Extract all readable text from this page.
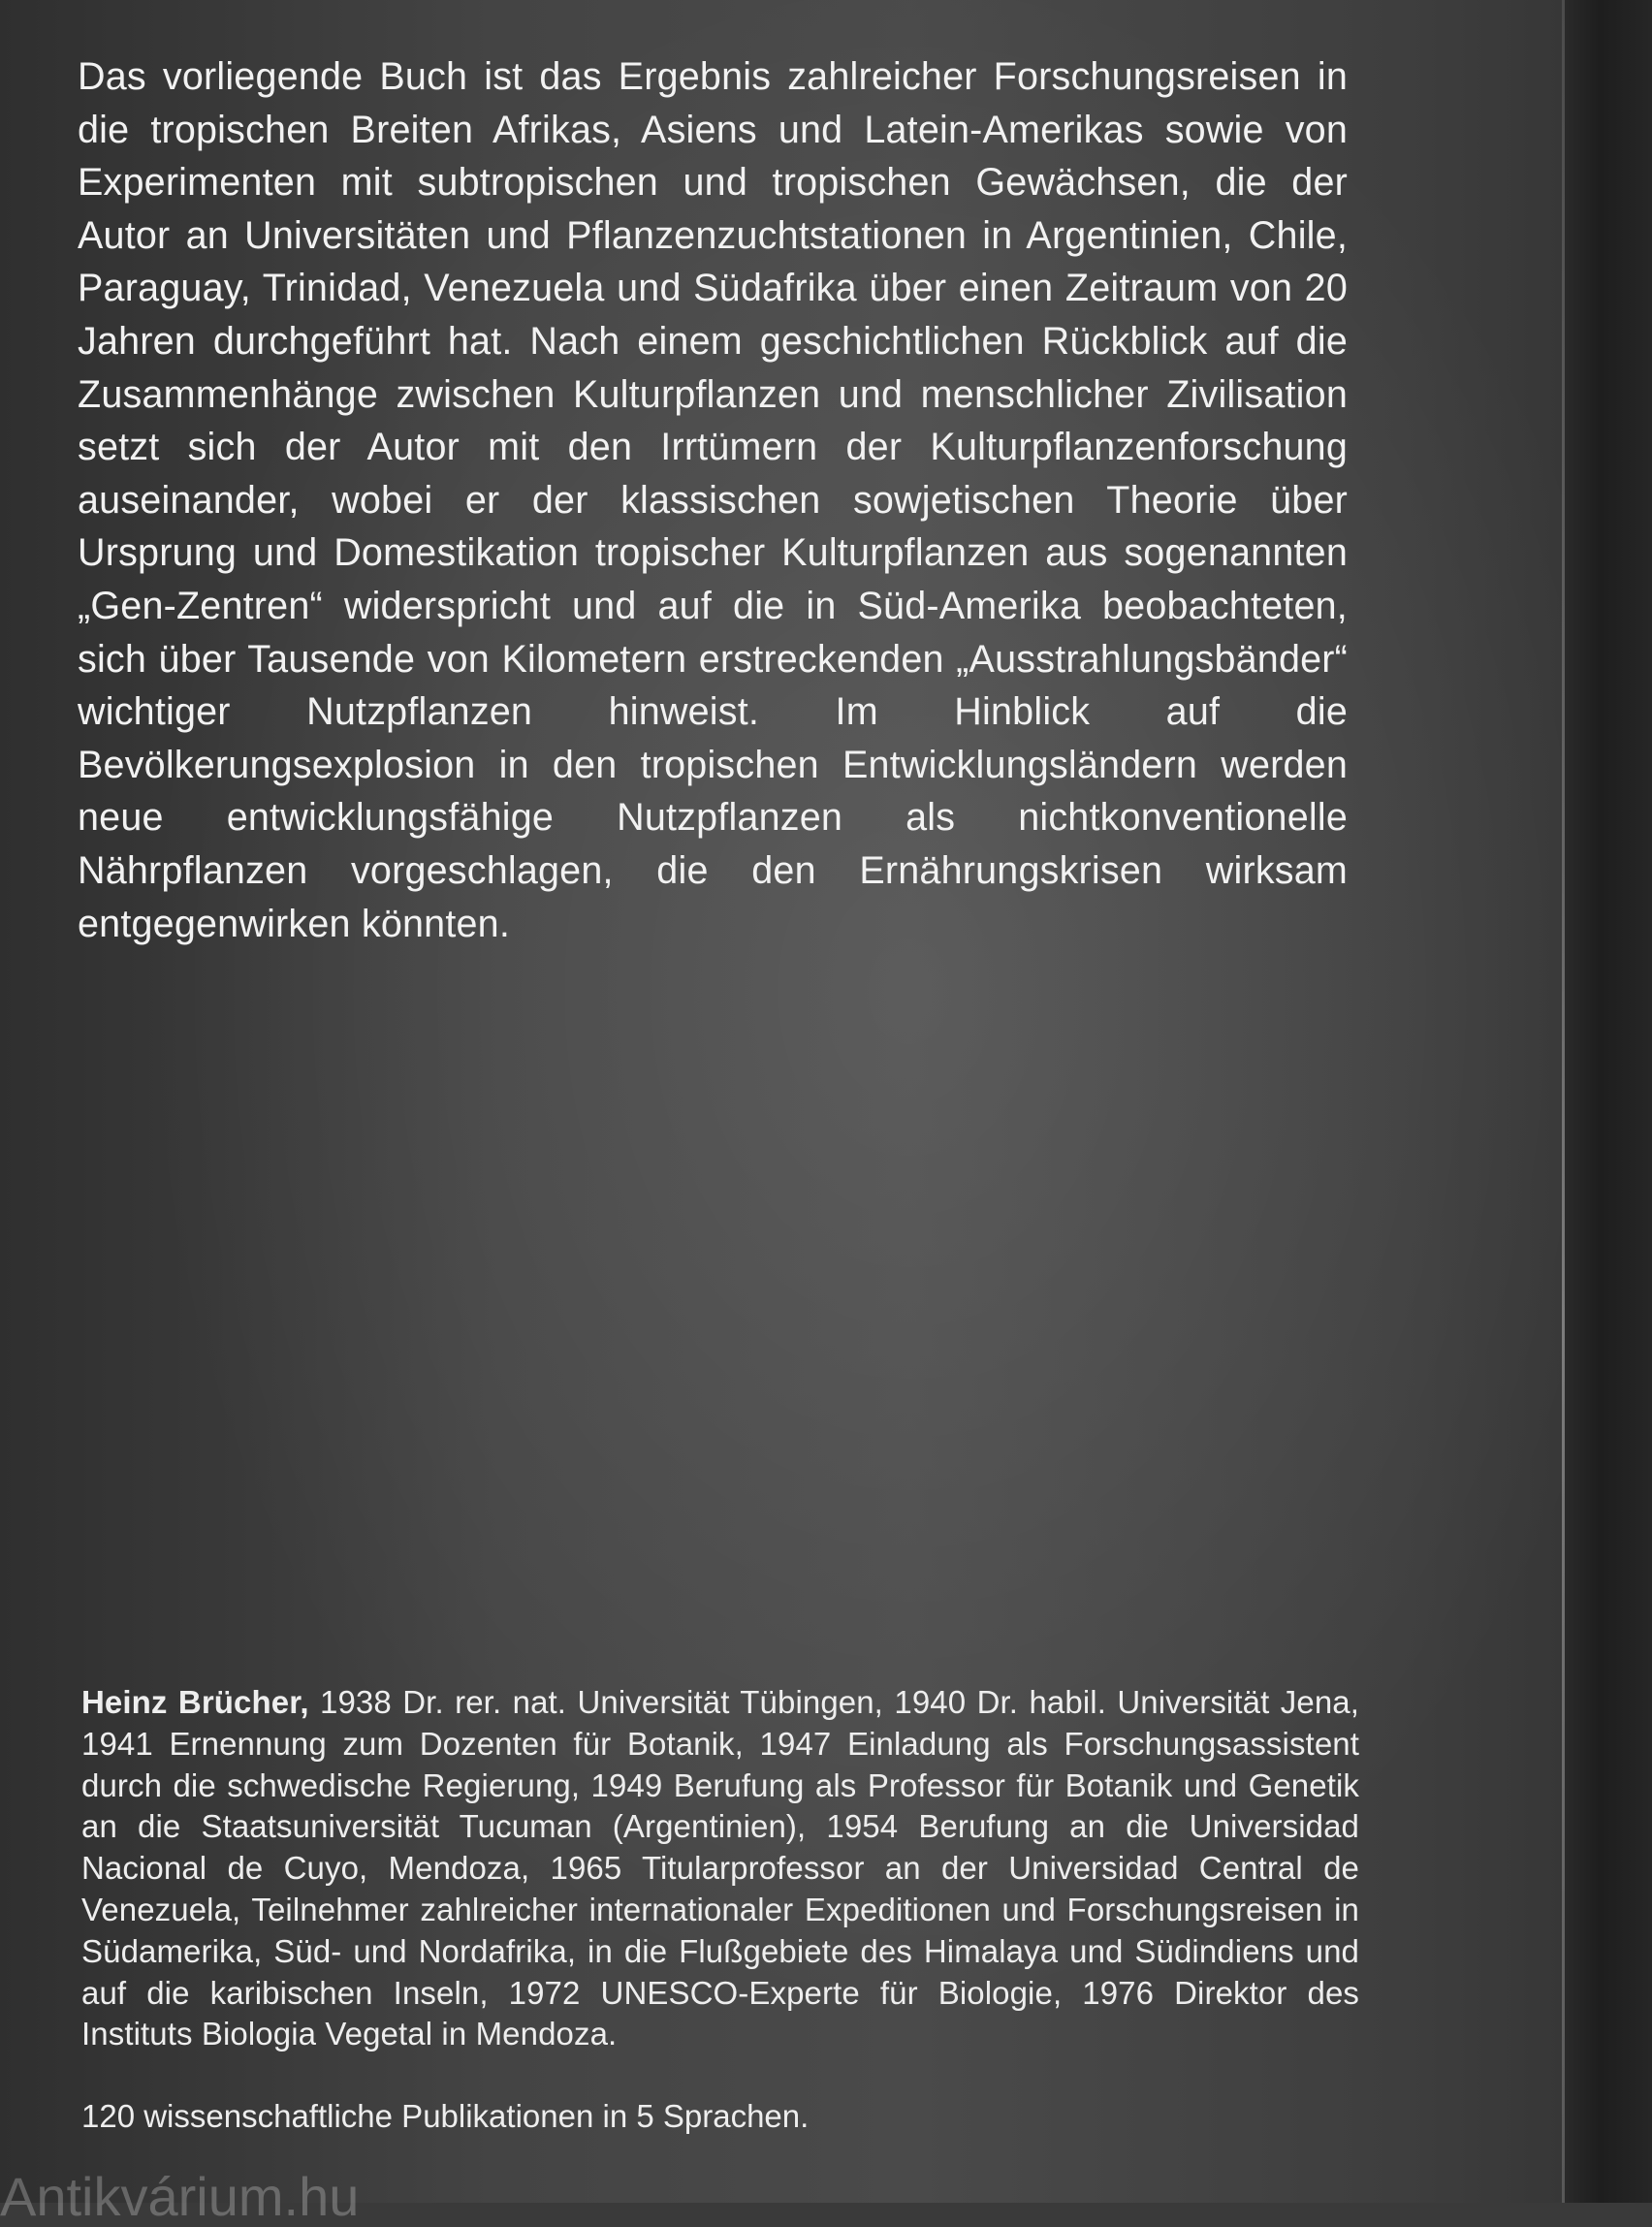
Das vorliegende Buch ist das Ergebnis zahlreicher Forschungsreisen in die tropischen Breiten Afrikas, Asiens und Latein-Amerikas sowie von Experimenten mit subtropischen und tropischen Gewächsen, die der Autor an Universitäten und Pflanzenzuchtstationen in Argentinien, Chile, Paraguay, Trinidad, Venezuela und Südafrika über einen Zeitraum von 20 Jahren durchgeführt hat. Nach einem geschichtlichen Rückblick auf die Zusammenhänge zwischen Kulturpflanzen und menschlicher Zivilisation setzt sich der Autor mit den Irrtümern der Kulturpflanzenforschung auseinander, wobei er der klassischen sowjetischen Theorie über Ursprung und Domestikation tropischer Kulturpflanzen aus sogenannten „Gen-Zentren“ widerspricht und auf die in Süd-Amerika beobachteten, sich über Tausende von Kilometern erstreckenden „Ausstrahlungsbänder“ wichtiger Nutzpflanzen hinweist. Im Hinblick auf die Bevölkerungsexplosion in den tropischen Entwicklungsländern werden neue entwicklungsfähige Nutzpflanzen als nichtkonventionelle Nährpflanzen vorgeschlagen, die den Ernährungskrisen wirksam entgegenwirken könnten.

Heinz Brücher, 1938 Dr. rer. nat. Universität Tübingen, 1940 Dr. habil. Universität Jena, 1941 Ernennung zum Dozenten für Botanik, 1947 Einladung als Forschungsassistent durch die schwedische Regierung, 1949 Berufung als Professor für Botanik und Genetik an die Staatsuniversität Tucuman (Argentinien), 1954 Berufung an die Universidad Nacional de Cuyo, Mendoza, 1965 Titularprofessor an der Universidad Central de Venezuela, Teilnehmer zahlreicher internationaler Expeditionen und Forschungsreisen in Südamerika, Süd- und Nordafrika, in die Flußgebiete des Himalaya und Südindiens und auf die karibischen Inseln, 1972 UNESCO-Experte für Biologie, 1976 Direktor des Instituts Biologia Vegetal in Mendoza.

120 wissenschaftliche Publikationen in 5 Sprachen.

Antikvárium.hu
